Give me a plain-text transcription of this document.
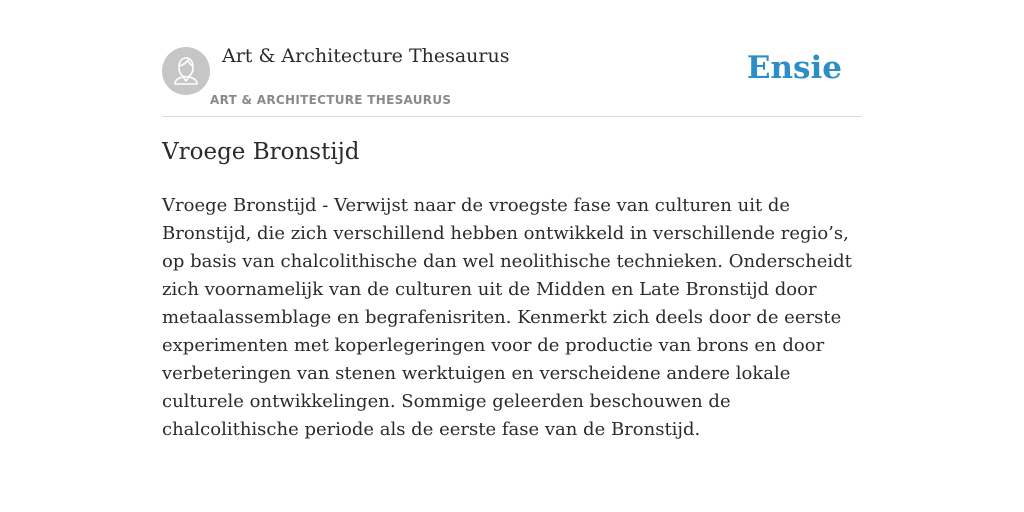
Art & Architecture Thesaurus
ART & ARCHITECTURE THESAURUS
Ensie
Vroege Bronstijd

Vroege Bronstijd - Verwijst naar de vroegste fase van culturen uit de Bronstijd, die zich verschillend hebben ontwikkeld in verschillende regio’s, op basis van chalcolithische dan wel neolithische technieken. Onderscheidt zich voornamelijk van de culturen uit de Midden en Late Bronstijd door metaalassemblage en begrafenisriten. Kenmerkt zich deels door de eerste experimenten met koperlegeringen voor de productie van brons en door verbeteringen van stenen werktuigen en verscheidene andere lokale culturele ontwikkelingen. Sommige geleerden beschouwen de chalcolithische periode als de eerste fase van de Bronstijd.
